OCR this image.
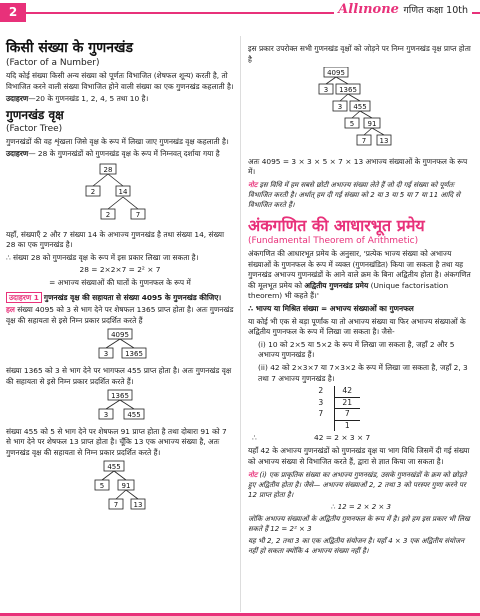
2	Allınone गणित कक्षा 10th
किसी संख्या के गुणनखंड
(Factor of a Number)
यदि कोई संख्या किसी अन्य संख्या को पूर्णतः विभाजित (शेषफल शून्य) करती है, तो विभाजित करने वाली संख्या विभाजित होने वाली संख्या का एक गुणनखंड कहलाती है।
उदाहरण—20 के गुणनखंड 1, 2, 4, 5 तथा 10 है।
गुणनखंड वृक्ष
(Factor Tree)
गुणनखंडों की वह शृंखला जिसे वृक्ष के रूप में लिखा जाए गुणनखंड वृक्ष कहलाती है।
उदाहरण— 28 के गुणनखंडों को गुणनखंड वृक्ष के रूप में निम्नवत् दर्शाया गया है
28
2	14
2	7
यहाँ, संख्याएँ 2 और 7 संख्या 14 के अभाज्य गुणनखंड है तथा संख्या 14, संख्या 28 का एक गुणनखंड है।
∴ संख्या 28 को गुणनखंड वृक्ष के रूप में इस प्रकार लिखा जा सकता है।
28 = 2×2×7 = 2² × 7
= अभाज्य संख्याओं की घातों के गुणनफल के रूप में
उदाहरण 1 गुणनखंड वृक्ष की सहायता से संख्या 4095 के गुणनखंड कीजिए।
हल संख्या 4095 को 3 से भाग देने पर शेषफल 1365 प्राप्त होता है। अतः गुणनखंड वृक्ष की सहायता से इसे निम्न प्रकार प्रदर्शित करते हैं
4095
3 1365
संख्या 1365 को 3 से भाग देने पर भागफल 455 प्राप्त होता है। अतः गुणनखंड वृक्ष की सहायता से इसे निम्न प्रकार प्रदर्शित करते हैं।
1365
3	455
संख्या 455 को 5 से भाग देने पर शेषफल 91 प्राप्त होता है तथा दोबारा 91 को 7 से भाग देने पर शेषफल 13 प्राप्त होता है। चूँकि 13 एक अभाज्य संख्या है, अतः गुणनखंड वृक्ष की सहायता से निम्न प्रकार प्रदर्शित करते हैं।
455
5 91
7 13
इस प्रकार उपरोक्त सभी गुणनखंड वृक्षों को जोड़ने पर निम्न गुणनखंड वृक्ष प्राप्त होता है
4095
3 1365
3 455
5 91
7 13
अतः 4095 = 3 × 3 × 5 × 7 × 13 अभाज्य संख्याओं के गुणनफल के रूप में।
नोट इस विधि में हम सबसे छोटी अभाज्य संख्या लेते हैं जो दी गई संख्या को पूर्णतः विभाजित करती है। अर्थात् हम दी गई संख्या को 2 या 3 या 5 या 7 या 11 आदि से विभाजित करते हैं।
अंकगणित की आधारभूत प्रमेय
(Fundamental Theorem of Arithmetic)
अंकगणित की आधारभूत प्रमेय के अनुसार, 'प्रत्येक भाज्य संख्या को अभाज्य संख्याओं के गुणनफल के रूप में व्यक्त (गुणनखंडित) किया जा सकता है तथा यह गुणनखंड अभाज्य गुणनखंडों के आने वाले क्रम के बिना अद्वितीय होता है। अंकगणित की मूलभूत प्रमेय को अद्वितीय गुणनखंड प्रमेय (Unique factorisation theorem) भी कहते हैं।'
∴ भाज्य या मिश्रित संख्या = अभाज्य संख्याओं का गुणनफल
या कोई भी एक से बड़ा पूर्णांक या तो अभाज्य संख्या या फिर अभाज्य संख्याओं के अद्वितीय गुणनफल के रूप में लिखा जा सकता है। जैसे-
(i) 10 को 2×5 या 5×2 के रूप में लिखा जा सकता है, जहाँ 2 और 5 अभाज्य गुणनखंड हैं।
(ii) 42 को 2×3×7 या 7×3×2 के रूप में लिखा जा सकता है, जहाँ 2, 3 तथा 7 अभाज्य गुणनखंड है।
2	42
3	21
7	7
	1
∴	42 = 2 × 3 × 7
यहाँ 42 के अभाज्य गुणनखंडों को गुणनखंड वृक्ष या भाग विधि जिसमें दी गई संख्या को अभाज्य संख्या से विभाजित करते हैं, द्वारा से ज्ञात किया जा सकता है।
नोट (i) एक प्राकृतिक संख्या का अभाज्य गुणनखंड, उसके गुणनखंडों के क्रम को छोड़ते हुए अद्वितीय होता है। जैसे— अभाज्य संख्याओं 2, 2 तथा 3 को परस्पर गुणा करने पर 12 प्राप्त होता है।
∴ 12 = 2 × 2 × 3
जोकि अभाज्य संख्याओं के अद्वितीय गुणनफल के रूप में है। इसे हम इस प्रकार भी लिख सकते हैं 12 = 2² × 3
यह भी 2, 2 तथा 3 का एक अद्वितीय संयोजन है। यहाँ 4 × 3 एक अद्वितीय संयोजन नहीं हो सकता क्योंकि 4 अभाज्य संख्या नहीं है।
